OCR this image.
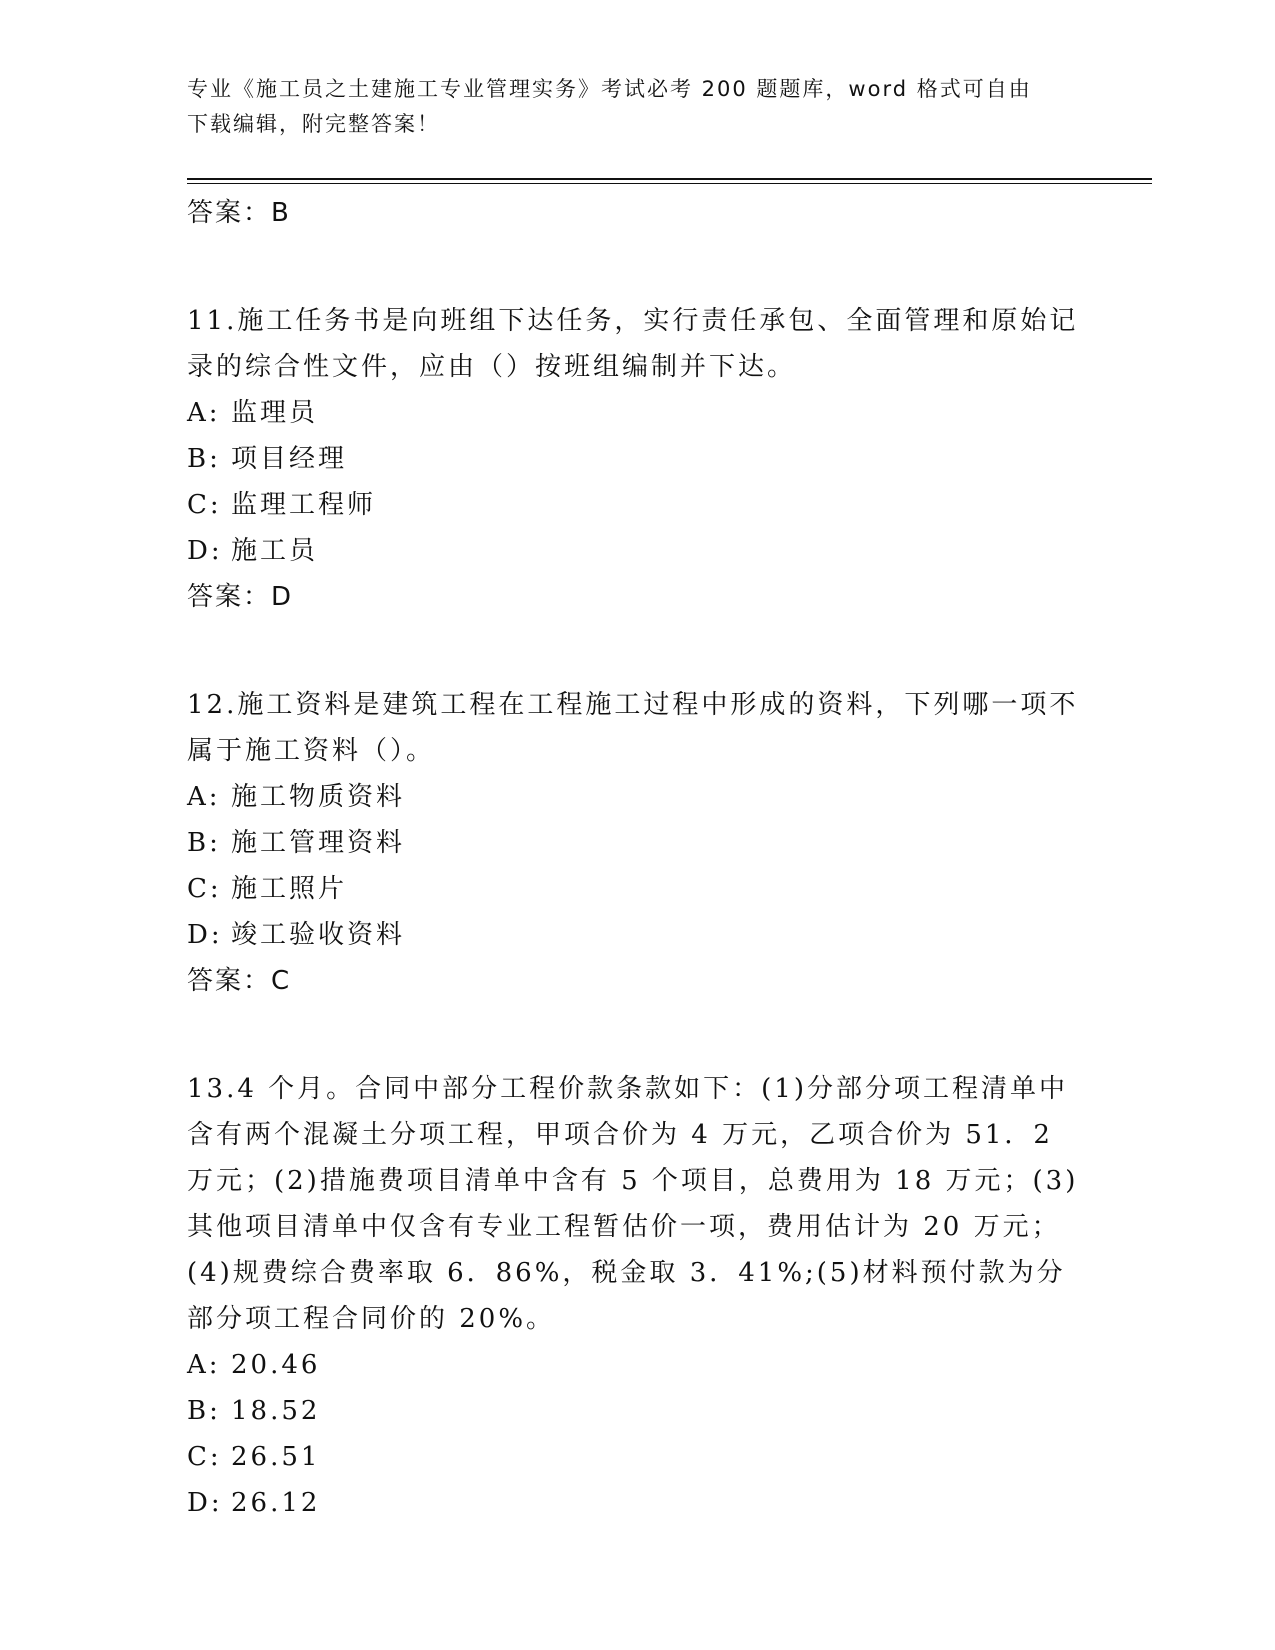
专业《施工员之土建施工专业管理实务》考试必考 200 题题库，word 格式可自由
下载编辑，附完整答案！
答案：B
11.施工任务书是向班组下达任务，实行责任承包、全面管理和原始记录的综合性文件，应由（）按班组编制并下达。
A: 监理员
B: 项目经理
C: 监理工程师
D: 施工员
答案：D
12.施工资料是建筑工程在工程施工过程中形成的资料，下列哪一项不属于施工资料（）。
A: 施工物质资料
B: 施工管理资料
C: 施工照片
D: 竣工验收资料
答案：C
13.4 个月。合同中部分工程价款条款如下：(1)分部分项工程清单中含有两个混凝土分项工程，甲项合价为 4 万元，乙项合价为 51．2 万元；(2)措施费项目清单中含有 5 个项目，总费用为 18 万元；(3)其他项目清单中仅含有专业工程暂估价一项，费用估计为 20 万元；(4)规费综合费率取 6．86%，税金取 3．41%;(5)材料预付款为分部分项工程合同价的 20%。
A: 20.46
B: 18.52
C: 26.51
D: 26.12
